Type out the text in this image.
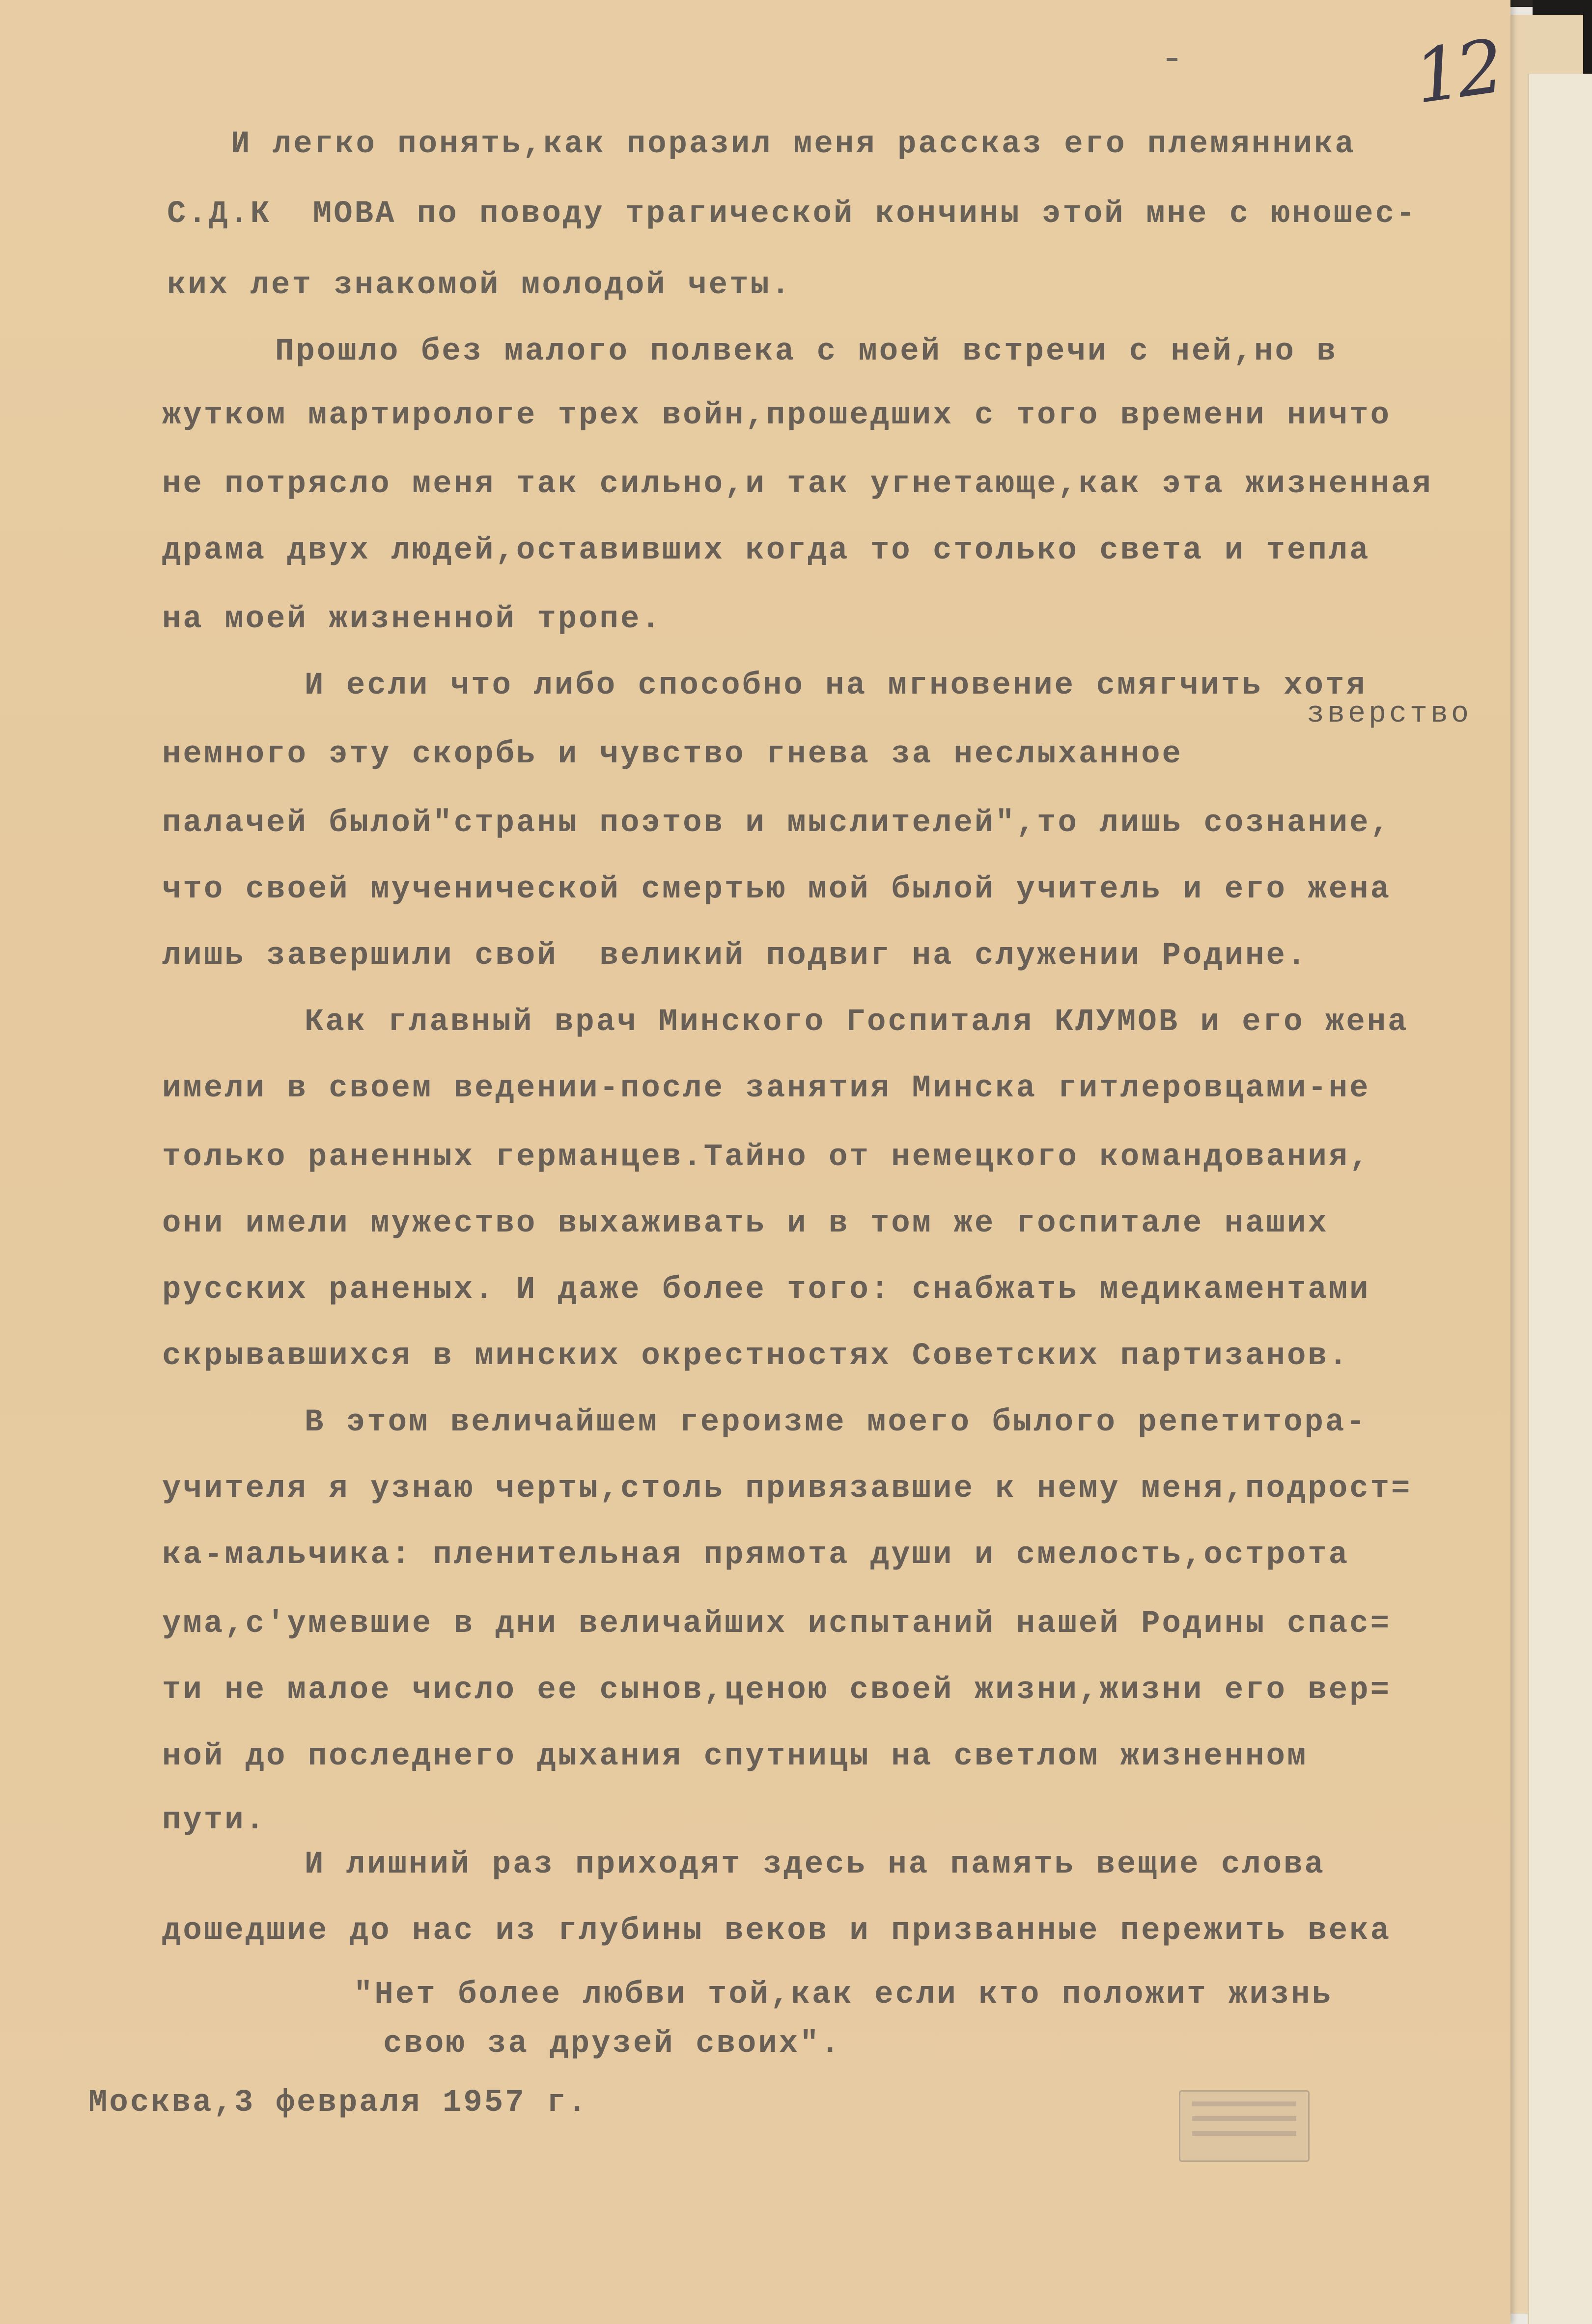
12
И легко понять,как поразил меня рассказ его племянника
С.Д.К  МОВА по поводу трагической кончины этой мне с юношес-
ких лет знакомой молодой четы.
Прошло без малого полвека с моей встречи с ней,но в
жутком мартирологе трех войн,прошедших с того времени ничто
не потрясло меня так сильно,и так угнетающе,как эта жизненная
драма двух людей,оставивших когда то столько света и тепла
на моей жизненной тропе.
И если что либо способно на мгновение смягчить хотя
зверство
немного эту скорбь и чувство гнева за неслыханное
палачей былой"страны поэтов и мыслителей",то лишь сознание,
что своей мученической смертью мой былой учитель и его жена
лишь завершили свой  великий подвиг на служении Родине.
Как главный врач Минского Госпиталя КЛУМОВ и его жена
имели в своем ведении-после занятия Минска гитлеровцами-не
только раненных германцев.Тайно от немецкого командования,
они имели мужество выхаживать и в том же госпитале наших
русских раненых. И даже более того: снабжать медикаментами
скрывавшихся в минских окрестностях Советских партизанов.
В этом величайшем героизме моего былого репетитора-
учителя я узнаю черты,столь привязавшие к нему меня,подрост=
ка-мальчика: пленительная прямота души и смелость,острота
ума,с'умевшие в дни величайших испытаний нашей Родины спас=
ти не малое число ее сынов,ценою своей жизни,жизни его вер=
ной до последнего дыхания спутницы на светлом жизненном
пути.
И лишний раз приходят здесь на память вещие слова
дошедшие до нас из глубины веков и призванные пережить века
"Нет более любви той,как если кто положит жизнь
свою за друзей своих".
Москва,3 февраля 1957 г.
